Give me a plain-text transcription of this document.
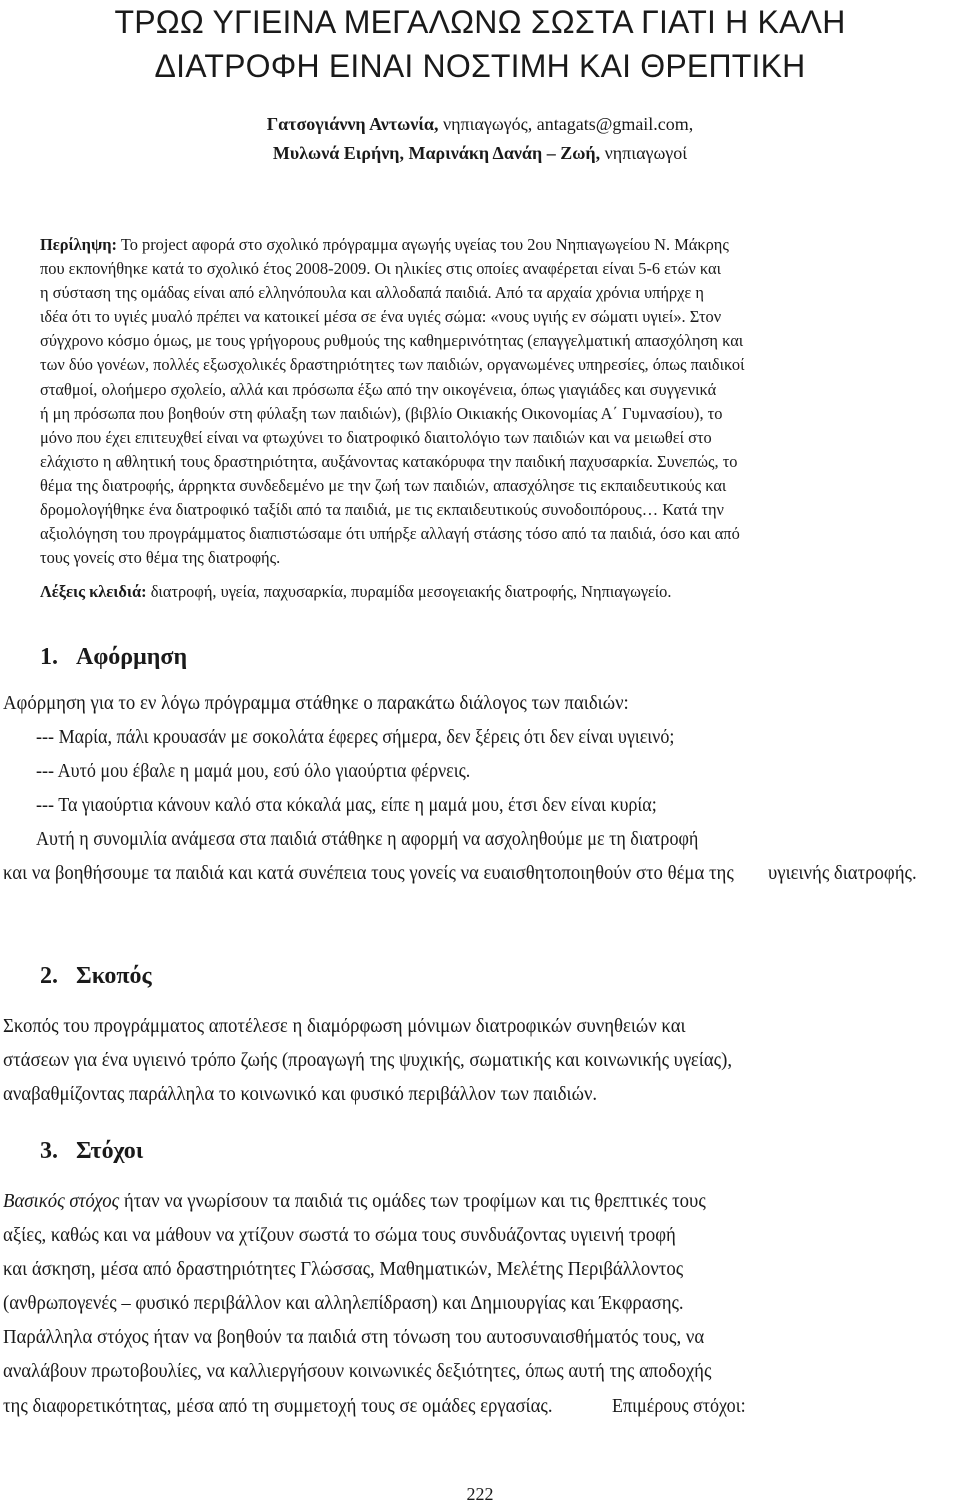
ΤΡΩΩ ΥΓΙΕΙΝΑ ΜΕΓΑΛΩΝΩ ΣΩΣΤΑ ΓΙΑΤΙ Η ΚΑΛΗ
ΔΙΑΤΡΟΦΗ ΕΙΝΑΙ ΝΟΣΤΙΜΗ ΚΑΙ ΘΡΕΠΤΙΚΗ
Γατσογιάννη Αντωνία, νηπιαγωγός, antagats@gmail.com,
Μυλωνά Ειρήνη, Μαρινάκη Δανάη – Ζωή, νηπιαγωγοί
Περίληψη: Το project αφορά στο σχολικό πρόγραμμα αγωγής υγείας του 2ου Νηπιαγωγείου Ν. Μάκρης
που εκπονήθηκε κατά το σχολικό έτος 2008-2009. Οι ηλικίες στις οποίες αναφέρεται είναι 5-6 ετών και
η σύσταση της ομάδας είναι από ελληνόπουλα και αλλοδαπά παιδιά. Από τα αρχαία χρόνια υπήρχε η
ιδέα ότι το υγιές μυαλό πρέπει να κατοικεί μέσα σε ένα υγιές σώμα: «νους υγιής εν σώματι υγιεί». Στον
σύγχρονο κόσμο όμως, με τους γρήγορους ρυθμούς της καθημερινότητας (επαγγελματική απασχόληση και
των δύο γονέων, πολλές εξωσχολικές δραστηριότητες των παιδιών, οργανωμένες υπηρεσίες, όπως παιδικοί
σταθμοί, ολοήμερο σχολείο, αλλά και πρόσωπα έξω από την οικογένεια, όπως γιαγιάδες και συγγενικά
ή μη πρόσωπα που βοηθούν στη φύλαξη των παιδιών), (βιβλίο Οικιακής Οικονομίας Α΄ Γυμνασίου), το
μόνο που έχει επιτευχθεί είναι να φτωχύνει το διατροφικό διαιτολόγιο των παιδιών και να μειωθεί στο
ελάχιστο η αθλητική τους δραστηριότητα, αυξάνοντας κατακόρυφα την παιδική παχυσαρκία. Συνεπώς, το
θέμα της διατροφής, άρρηκτα συνδεδεμένο με την ζωή των παιδιών, απασχόλησε τις εκπαιδευτικούς και
δρομολογήθηκε ένα διατροφικό ταξίδι από τα παιδιά, με τις εκπαιδευτικούς συνοδοιπόρους… Κατά την
αξιολόγηση του προγράμματος διαπιστώσαμε ότι υπήρξε αλλαγή στάσης τόσο από τα παιδιά, όσο και από
τους γονείς στο θέμα της διατροφής.
Λέξεις κλειδιά: διατροφή, υγεία, παχυσαρκία, πυραμίδα μεσογειακής διατροφής, Νηπιαγωγείο.
1. Αφόρμηση
Αφόρμηση για το εν λόγω πρόγραμμα στάθηκε ο παρακάτω διάλογος των παιδιών: --- Μαρία, πάλι κρουασάν με σοκολάτα έφερες σήμερα, δεν ξέρεις ότι δεν είναι υγιεινό; --- Αυτό μου έβαλε η μαμά μου, εσύ όλο γιαούρτια φέρνεις. --- Τα γιαούρτια κάνουν καλό στα κόκαλά μας, είπε η μαμά μου, έτσι δεν είναι κυρία; Αυτή η συνομιλία ανάμεσα στα παιδιά στάθηκε η αφορμή να ασχοληθούμε με τη διατροφή και να βοηθήσουμε τα παιδιά και κατά συνέπεια τους γονείς να ευαισθητοποιηθούν στο θέμα της υγιεινής διατροφής.
2. Σκοπός
Σκοπός του προγράμματος αποτέλεσε η διαμόρφωση μόνιμων διατροφικών συνηθειών και στάσεων για ένα υγιεινό τρόπο ζωής (προαγωγή της ψυχικής, σωματικής και κοινωνικής υγείας), αναβαθμίζοντας παράλληλα το κοινωνικό και φυσικό περιβάλλον των παιδιών.
3. Στόχοι
Βασικός στόχος ήταν να γνωρίσουν τα παιδιά τις ομάδες των τροφίμων και τις θρεπτικές τους αξίες, καθώς και να μάθουν να χτίζουν σωστά το σώμα τους συνδυάζοντας υγιεινή τροφή και άσκηση, μέσα από δραστηριότητες Γλώσσας, Μαθηματικών, Μελέτης Περιβάλλοντος (ανθρωπογενές – φυσικό περιβάλλον και αλληλεπίδραση) και Δημιουργίας και Έκφρασης. Παράλληλα στόχος ήταν να βοηθούν τα παιδιά στη τόνωση του αυτοσυναισθήματός τους, να αναλάβουν πρωτοβουλίες, να καλλιεργήσουν κοινωνικές δεξιότητες, όπως αυτή της αποδοχής της διαφορετικότητας, μέσα από τη συμμετοχή τους σε ομάδες εργασίας.	Επιμέρους στόχοι:
222
